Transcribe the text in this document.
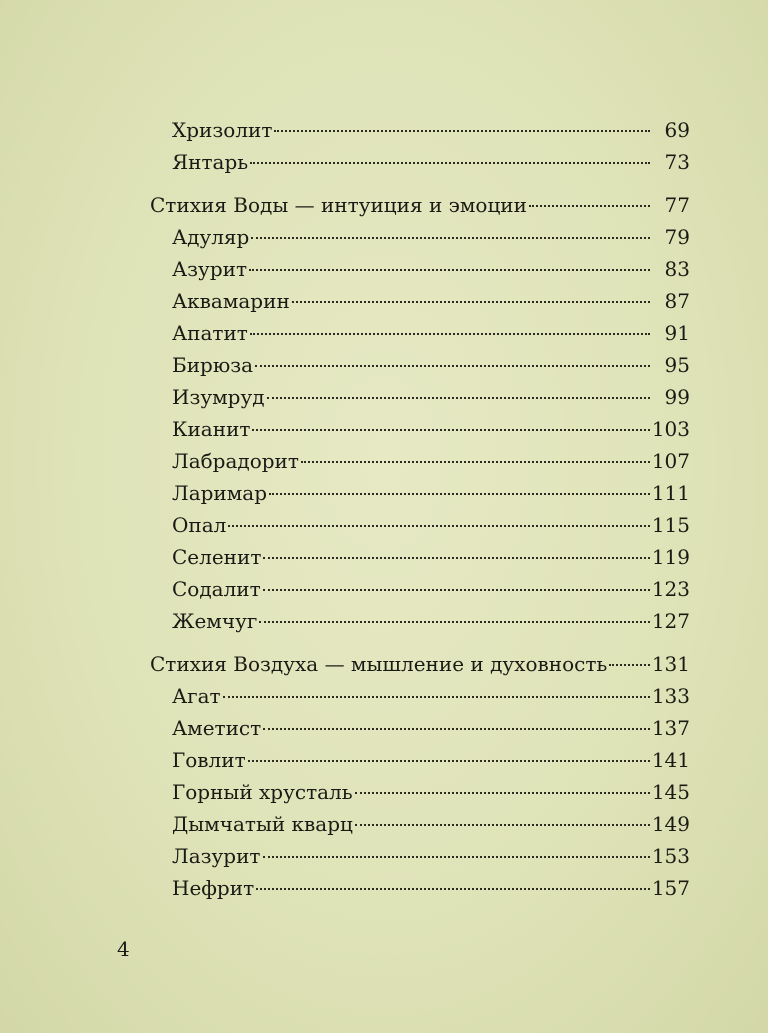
Хризолит	69
Янтарь	73
Стихия Воды — интуиция и эмоции	77
Адуляр	79
Азурит	83
Аквамарин	87
Апатит	91
Бирюза	95
Изумруд	99
Кианит	103
Лабрадорит	107
Ларимар	111
Опал	115
Селенит	119
Содалит	123
Жемчуг	127
Стихия Воздуха — мышление и духовность 131
Агат	133
Аметист	137
Говлит	141
Горный хрусталь	145
Дымчатый кварц	149
Лазурит	153
Нефрит	157
4
